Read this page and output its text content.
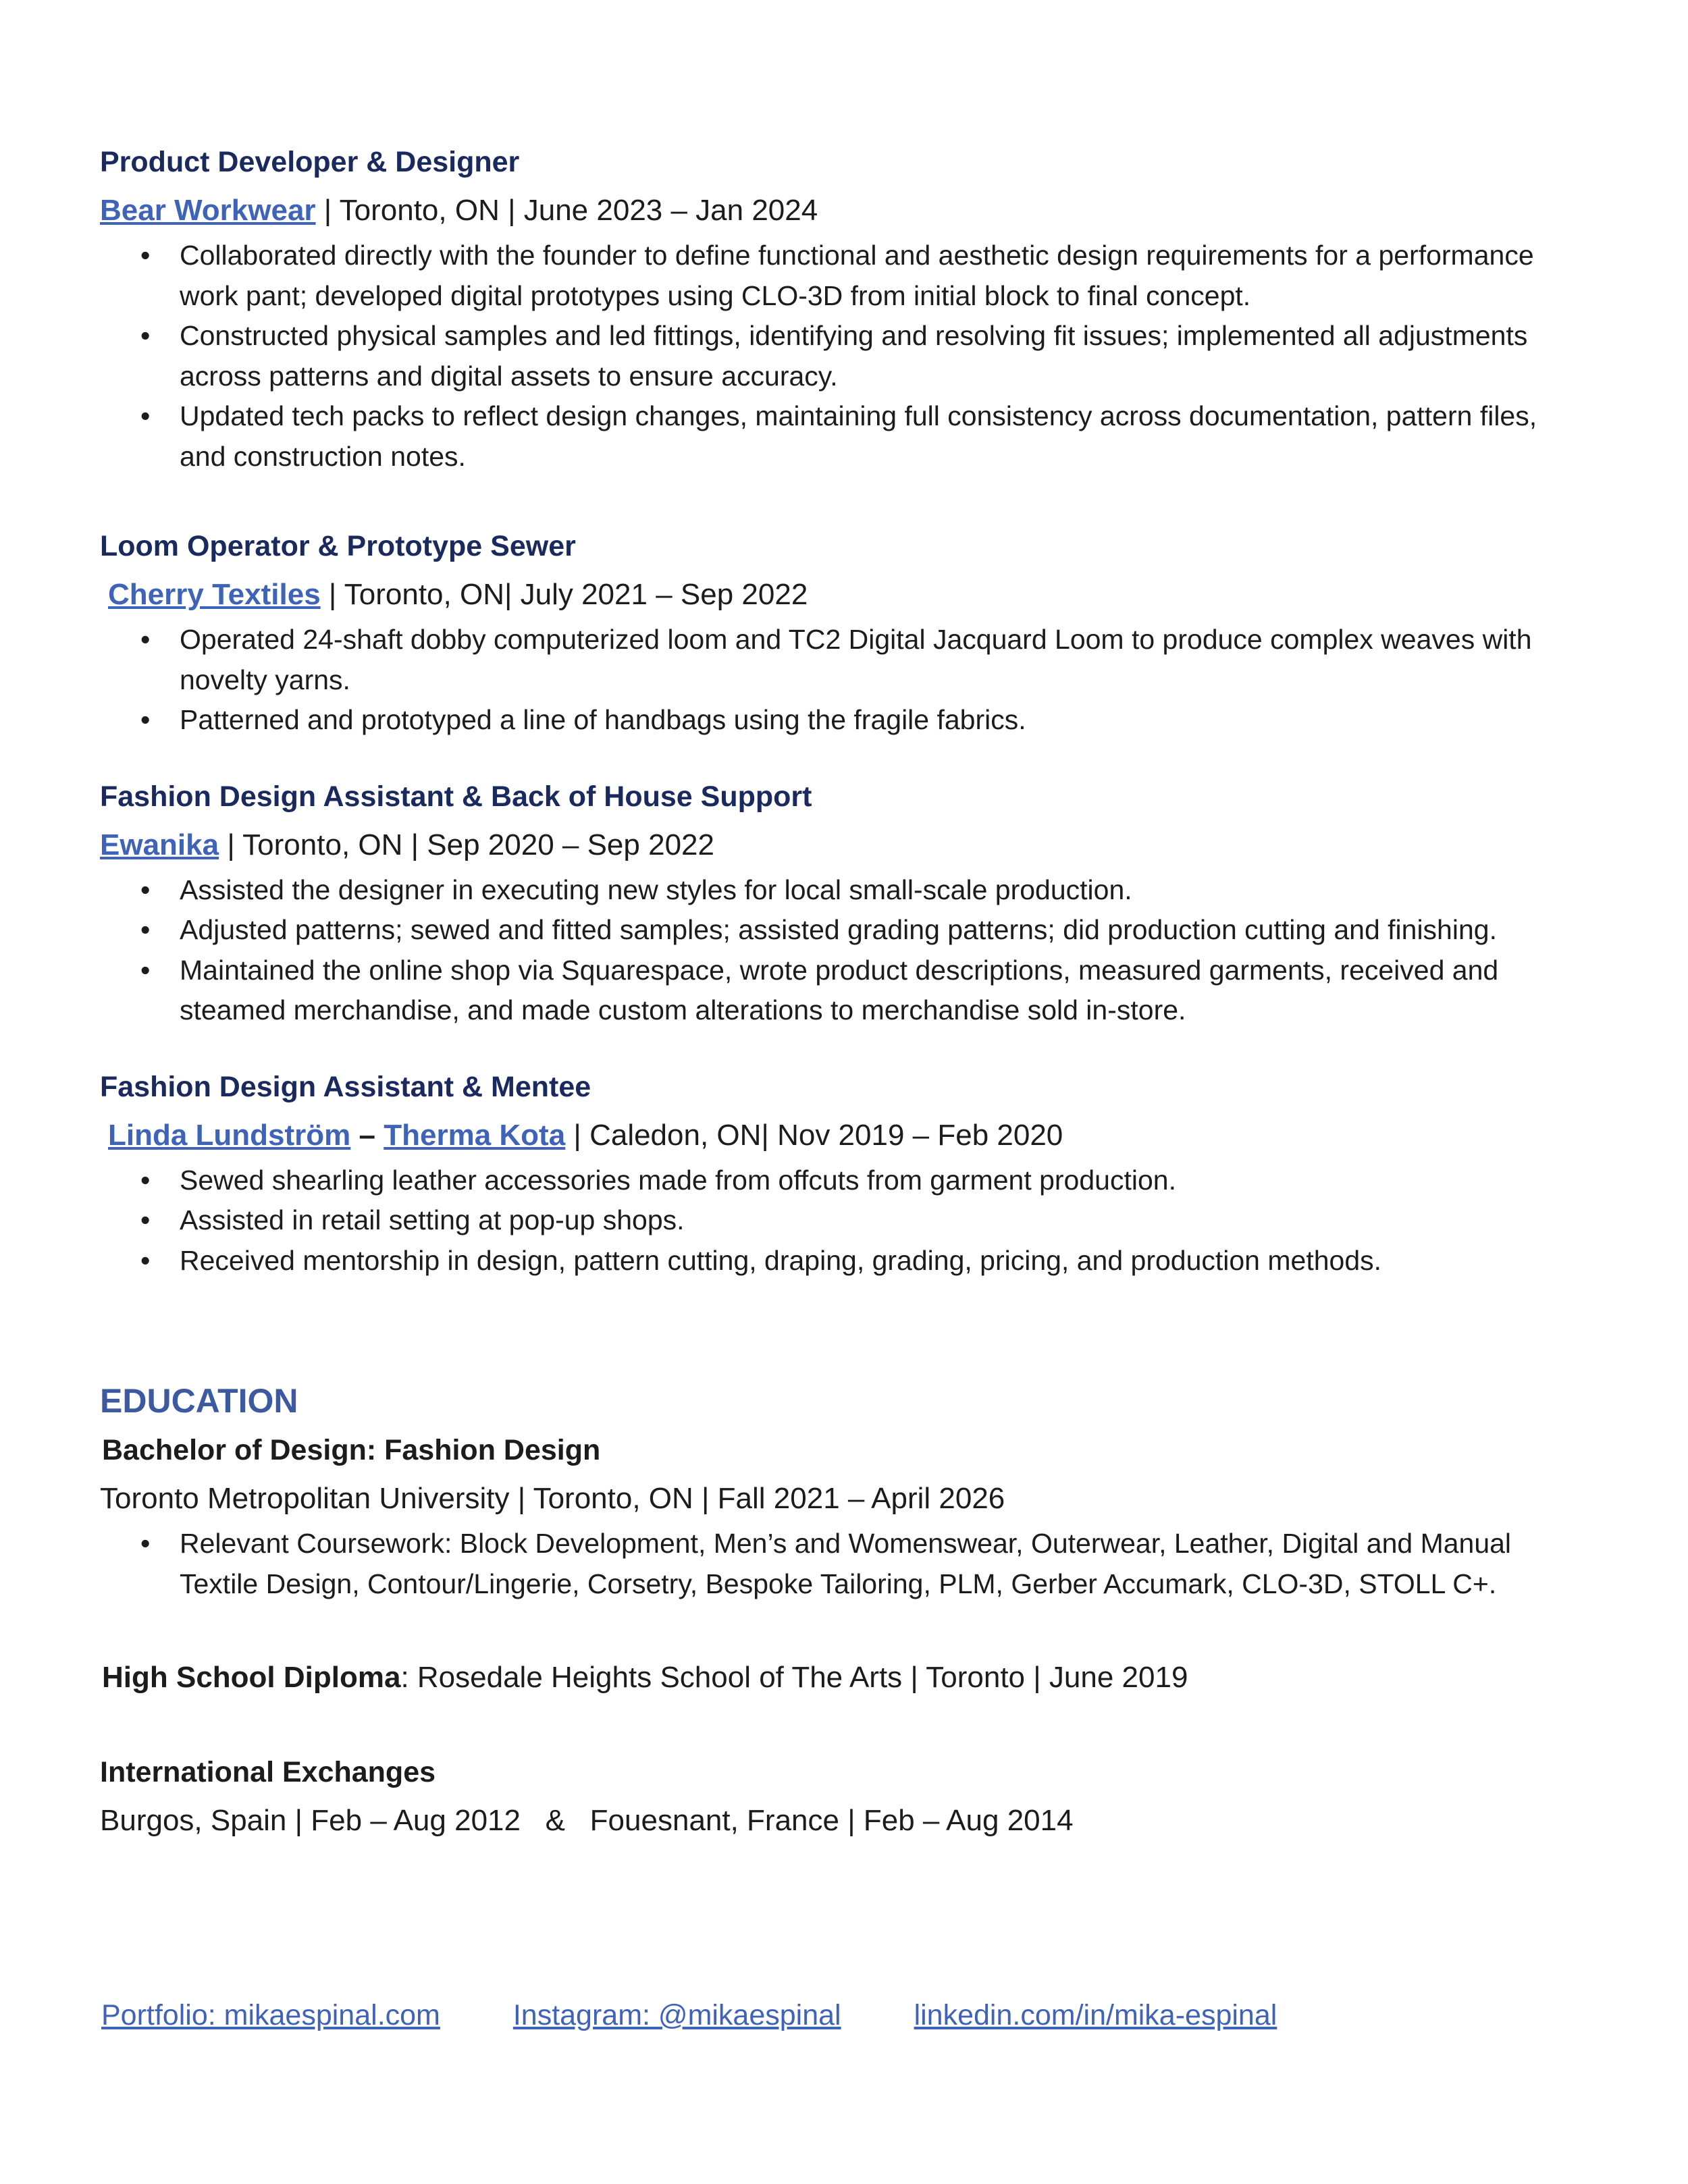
Product Developer & Designer

Bear Workwear | Toronto, ON | June 2023 – Jan 2024

• Collaborated directly with the founder to define functional and aesthetic design requirements for a performance work pant; developed digital prototypes using CLO-3D from initial block to final concept.
• Constructed physical samples and led fittings, identifying and resolving fit issues; implemented all adjustments across patterns and digital assets to ensure accuracy.
• Updated tech packs to reflect design changes, maintaining full consistency across documentation, pattern files, and construction notes.
Loom Operator & Prototype Sewer

Cherry Textiles | Toronto, ON| July 2021 – Sep 2022

• Operated 24-shaft dobby computerized loom and TC2 Digital Jacquard Loom to produce complex weaves with novelty yarns.
• Patterned and prototyped a line of handbags using the fragile fabrics.
Fashion Design Assistant & Back of House Support

Ewanika | Toronto, ON | Sep 2020 – Sep 2022

• Assisted the designer in executing new styles for local small-scale production.
• Adjusted patterns; sewed and fitted samples; assisted grading patterns; did production cutting and finishing.
• Maintained the online shop via Squarespace, wrote product descriptions, measured garments, received and steamed merchandise, and made custom alterations to merchandise sold in-store.
Fashion Design Assistant & Mentee

Linda Lundström – Therma Kota | Caledon, ON| Nov 2019 – Feb 2020

• Sewed shearling leather accessories made from offcuts from garment production.
• Assisted in retail setting at pop-up shops.
• Received mentorship in design, pattern cutting, draping, grading, pricing, and production methods.
EDUCATION
Bachelor of Design: Fashion Design

Toronto Metropolitan University | Toronto, ON | Fall 2021 – April 2026

• Relevant Coursework: Block Development, Men’s and Womenswear, Outerwear, Leather, Digital and Manual Textile Design, Contour/Lingerie, Corsetry, Bespoke Tailoring, PLM, Gerber Accumark, CLO-3D, STOLL C+.

High School Diploma: Rosedale Heights School of The Arts | Toronto | June 2019

International Exchanges

Burgos, Spain | Feb – Aug 2012   &   Fouesnant, France | Feb – Aug 2014

Portfolio: mikaespinal.com	Instagram: @mikaespinal	linkedin.com/in/mika-espinal
